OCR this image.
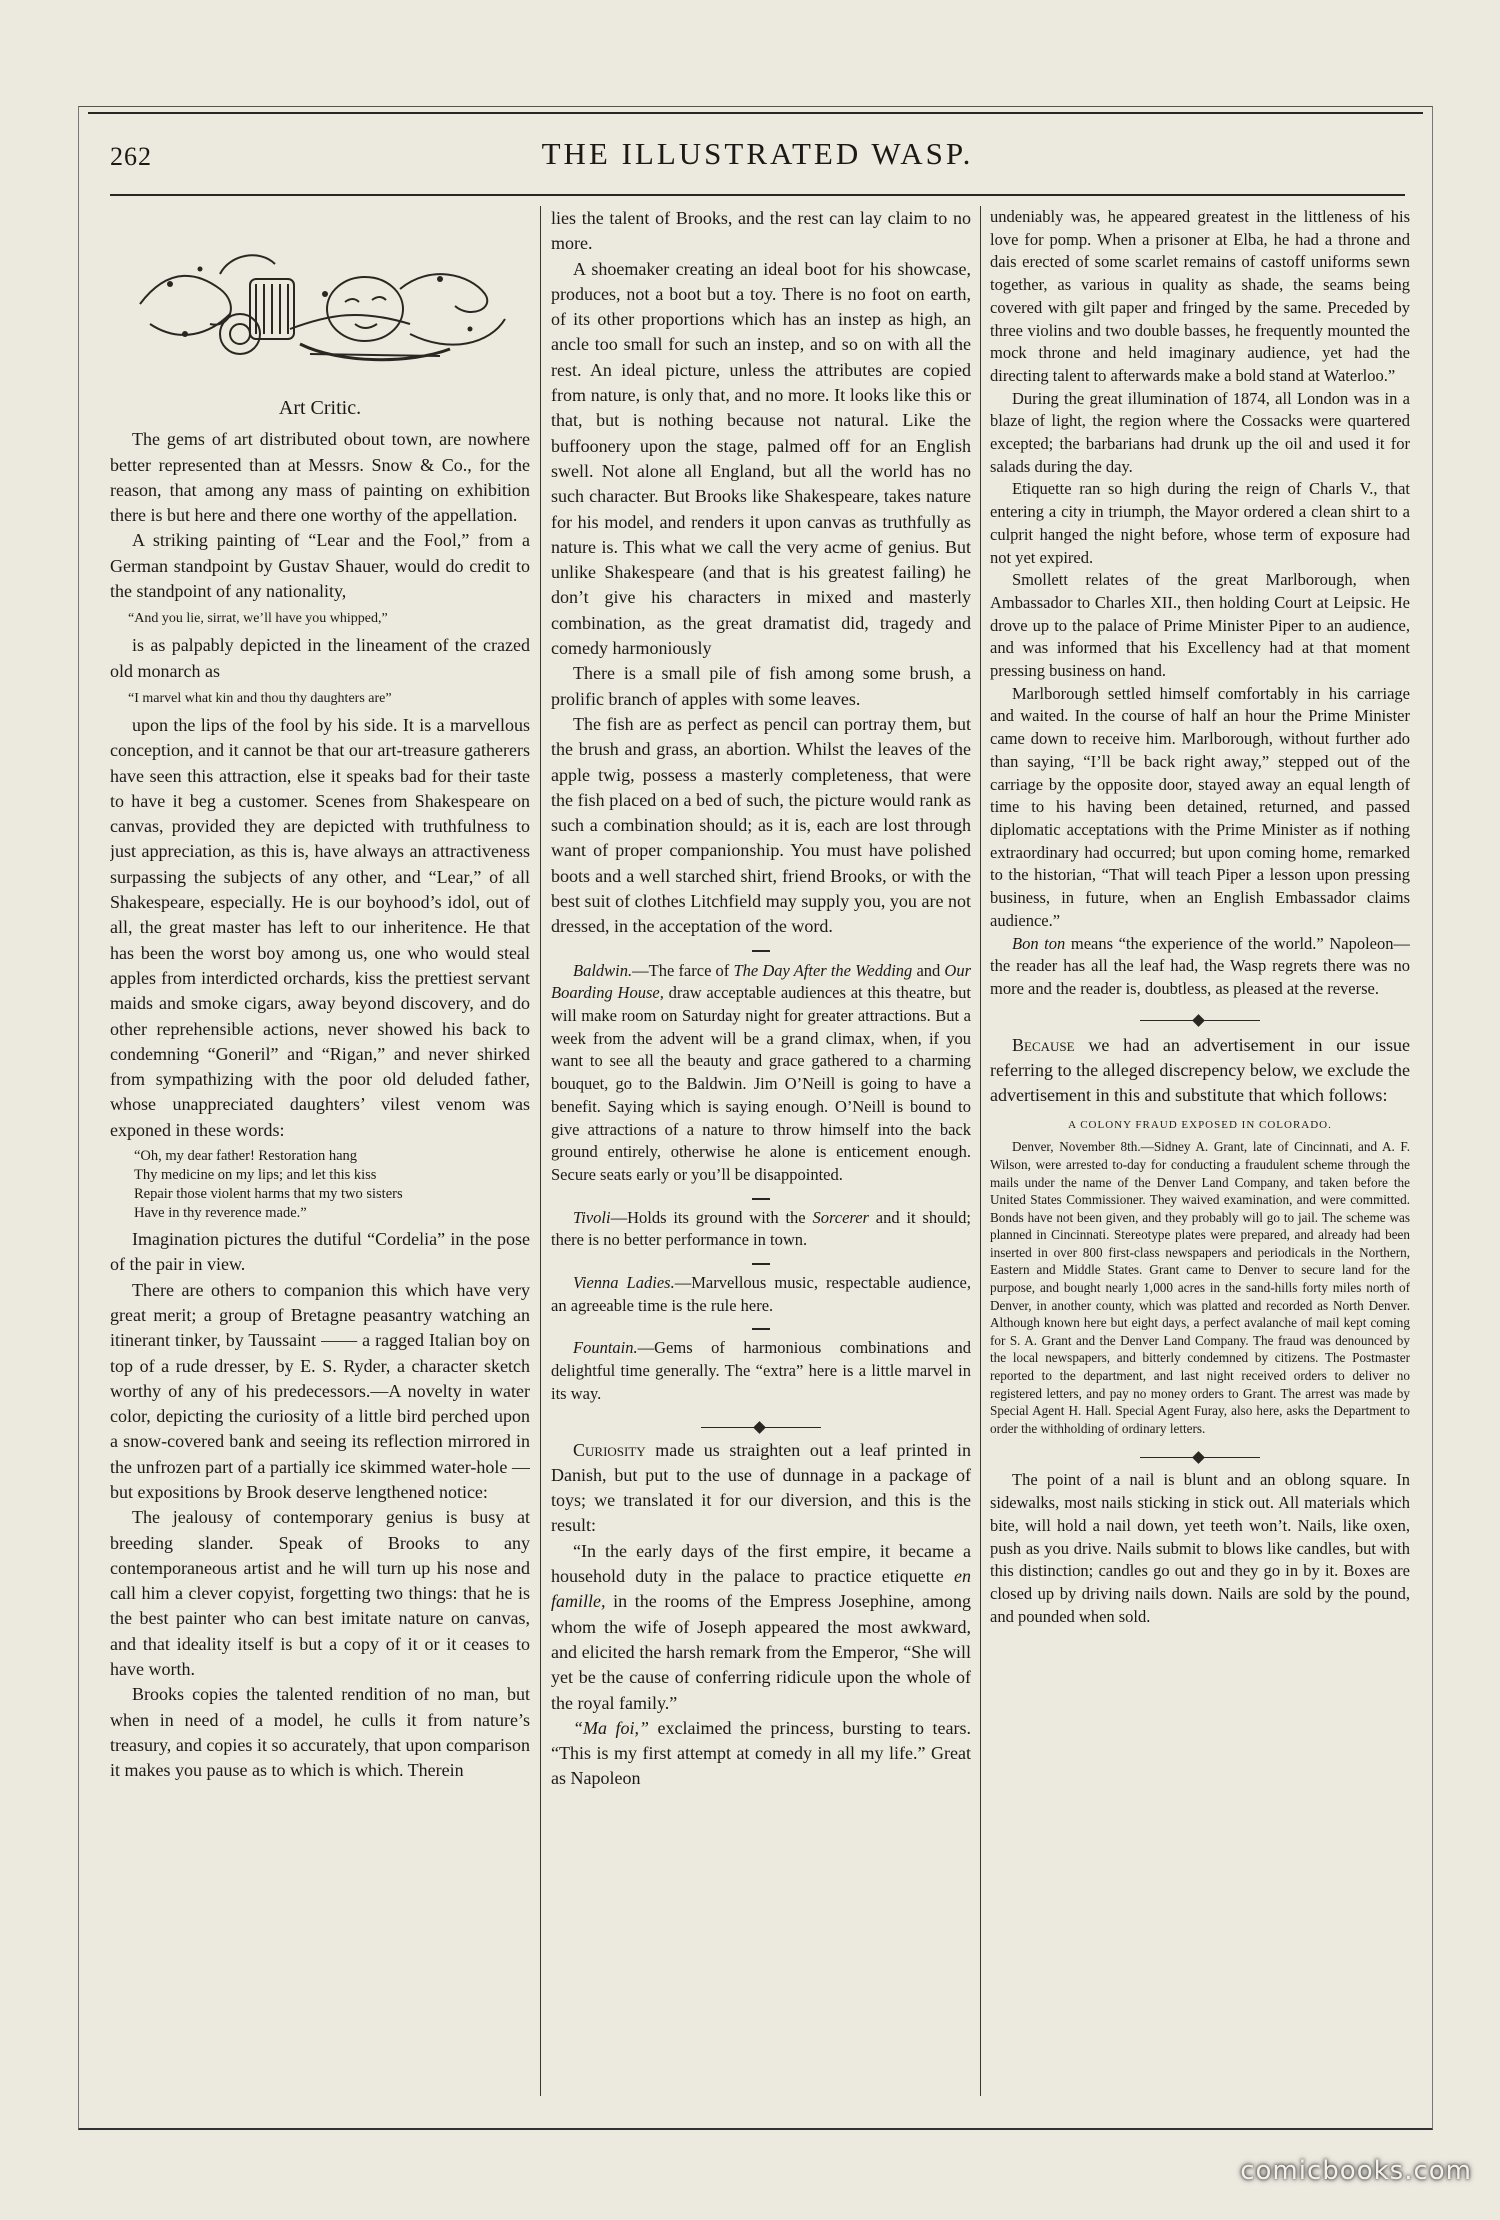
262	THE ILLUSTRATED WASP.

Art Critic.

The gems of art distributed obout town, are nowhere better represented than at Messrs. Snow & Co., for the reason, that among any mass of painting on exhibition there is but here and there one worthy of the appellation.

A striking painting of “Lear and the Fool,” from a German standpoint by Gustav Shauer, would do credit to the standpoint of any nationality,

“And you lie, sirrat, we’ll have you whipped,”

is as palpably depicted in the lineament of the crazed old monarch as

“I marvel what kin and thou thy daughters are”

upon the lips of the fool by his side. It is a marvellous conception, and it cannot be that our art-treasure gatherers have seen this attraction, else it speaks bad for their taste to have it beg a customer. Scenes from Shakespeare on canvas, provided they are depicted with truthfulness to just appreciation, as this is, have always an attractiveness surpassing the subjects of any other, and “Lear,” of all Shakespeare, especially. He is our boyhood’s idol, out of all, the great master has left to our inheritence. He that has been the worst boy among us, one who would steal apples from interdicted orchards, kiss the prettiest servant maids and smoke cigars, away beyond discovery, and do other reprehensible actions, never showed his back to condemning “Goneril” and “Rigan,” and never shirked from sympathizing with the poor old deluded father, whose unappreciated daughters’ vilest venom was exponed in these words:

“Oh, my dear father! Restoration hang
Thy medicine on my lips; and let this kiss
Repair those violent harms that my two sisters
Have in thy reverence made.”

Imagination pictures the dutiful “Cordelia” in the pose of the pair in view.

There are others to companion this which have very great merit; a group of Bretagne peasantry watching an itinerant tinker, by Taussaint —— a ragged Italian boy on top of a rude dresser, by E. S. Ryder, a character sketch worthy of any of his predecessors.—A novelty in water color, depicting the curiosity of a little bird perched upon a snow-covered bank and seeing its reflection mirrored in the unfrozen part of a partially ice skimmed water-hole — but expositions by Brook deserve lengthened notice:

The jealousy of contemporary genius is busy at breeding slander. Speak of Brooks to any contemporaneous artist and he will turn up his nose and call him a clever copyist, forgetting two things: that he is the best painter who can best imitate nature on canvas, and that ideality itself is but a copy of it or it ceases to have worth.

Brooks copies the talented rendition of no man, but when in need of a model, he culls it from nature’s treasury, and copies it so accurately, that upon comparison it makes you pause as to which is which. Therein

lies the talent of Brooks, and the rest can lay claim to no more.

A shoemaker creating an ideal boot for his showcase, produces, not a boot but a toy. There is no foot on earth, of its other proportions which has an instep as high, an ancle too small for such an instep, and so on with all the rest. An ideal picture, unless the attributes are copied from nature, is only that, and no more. It looks like this or that, but is nothing because not natural. Like the buffoonery upon the stage, palmed off for an English swell. Not alone all England, but all the world has no such character. But Brooks like Shakespeare, takes nature for his model, and renders it upon canvas as truthfully as nature is. This what we call the very acme of genius. But unlike Shakespeare (and that is his greatest failing) he don’t give his characters in mixed and masterly combination, as the great dramatist did, tragedy and comedy harmoniously

There is a small pile of fish among some brush, a prolific branch of apples with some leaves.

The fish are as perfect as pencil can portray them, but the brush and grass, an abortion. Whilst the leaves of the apple twig, possess a masterly completeness, that were the fish placed on a bed of such, the picture would rank as such a combination should; as it is, each are lost through want of proper companionship. You must have polished boots and a well starched shirt, friend Brooks, or with the best suit of clothes Litchfield may supply you, you are not dressed, in the acceptation of the word.

Baldwin.—The farce of The Day After the Wedding and Our Boarding House, draw acceptable audiences at this theatre, but will make room on Saturday night for greater attractions. But a week from the advent will be a grand climax, when, if you want to see all the beauty and grace gathered to a charming bouquet, go to the Baldwin. Jim O’Neill is going to have a benefit. Saying which is saying enough. O’Neill is bound to give attractions of a nature to throw himself into the back ground entirely, otherwise he alone is enticement enough. Secure seats early or you’ll be disappointed.

Tivoli—Holds its ground with the Sorcerer and it should; there is no better performance in town.

Vienna Ladies.—Marvellous music, respectable audience, an agreeable time is the rule here.

Fountain.—Gems of harmonious combinations and delightful time generally. The “extra” here is a little marvel in its way.

Curiosity made us straighten out a leaf printed in Danish, but put to the use of dunnage in a package of toys; we translated it for our diversion, and this is the result:

“In the early days of the first empire, it became a household duty in the palace to practice etiquette en famille, in the rooms of the Empress Josephine, among whom the wife of Joseph appeared the most awkward, and elicited the harsh remark from the Emperor, “She will yet be the cause of conferring ridicule upon the whole of the royal family.”

“Ma foi,” exclaimed the princess, bursting to tears. “This is my first attempt at comedy in all my life.” Great as Napoleon

undeniably was, he appeared greatest in the littleness of his love for pomp. When a prisoner at Elba, he had a throne and dais erected of some scarlet remains of castoff uniforms sewn together, as various in quality as shade, the seams being covered with gilt paper and fringed by the same. Preceded by three violins and two double basses, he frequently mounted the mock throne and held imaginary audience, yet had the directing talent to afterwards make a bold stand at Waterloo.”

During the great illumination of 1874, all London was in a blaze of light, the region where the Cossacks were quartered excepted; the barbarians had drunk up the oil and used it for salads during the day.

Etiquette ran so high during the reign of Charls V., that entering a city in triumph, the Mayor ordered a clean shirt to a culprit hanged the night before, whose term of exposure had not yet expired.

Smollett relates of the great Marlborough, when Ambassador to Charles XII., then holding Court at Leipsic. He drove up to the palace of Prime Minister Piper to an audience, and was informed that his Excellency had at that moment pressing business on hand.

Marlborough settled himself comfortably in his carriage and waited. In the course of half an hour the Prime Minister came down to receive him. Marlborough, without further ado than saying, “I’ll be back right away,” stepped out of the carriage by the opposite door, stayed away an equal length of time to his having been detained, returned, and passed diplomatic acceptations with the Prime Minister as if nothing extraordinary had occurred; but upon coming home, remarked to the historian, “That will teach Piper a lesson upon pressing business, in future, when an English Embassador claims audience.”

Bon ton means “the experience of the world.” Napoleon—the reader has all the leaf had, the Wasp regrets there was no more and the reader is, doubtless, as pleased at the reverse.

Because we had an advertisement in our issue referring to the alleged discrepency below, we exclude the advertisement in this and substitute that which follows:

A COLONY FRAUD EXPOSED IN COLORADO.

Denver, November 8th.—Sidney A. Grant, late of Cincinnati, and A. F. Wilson, were arrested to-day for conducting a fraudulent scheme through the mails under the name of the Denver Land Company, and taken before the United States Commissioner. They waived examination, and were committed. Bonds have not been given, and they probably will go to jail. The scheme was planned in Cincinnati. Stereotype plates were prepared, and already had been inserted in over 800 first-class newspapers and periodicals in the Northern, Eastern and Middle States. Grant came to Denver to secure land for the purpose, and bought nearly 1,000 acres in the sand-hills forty miles north of Denver, in another county, which was platted and recorded as North Denver. Although known here but eight days, a perfect avalanche of mail kept coming for S. A. Grant and the Denver Land Company. The fraud was denounced by the local newspapers, and bitterly condemned by citizens. The Postmaster reported to the department, and last night received orders to deliver no registered letters, and pay no money orders to Grant. The arrest was made by Special Agent H. Hall. Special Agent Furay, also here, asks the Department to order the withholding of ordinary letters.

The point of a nail is blunt and an oblong square. In sidewalks, most nails sticking in stick out. All materials which bite, will hold a nail down, yet teeth won’t. Nails, like oxen, push as you drive. Nails submit to blows like candles, but with this distinction; candles go out and they go in by it. Boxes are closed up by driving nails down. Nails are sold by the pound, and pounded when sold.

comicbooks.com
